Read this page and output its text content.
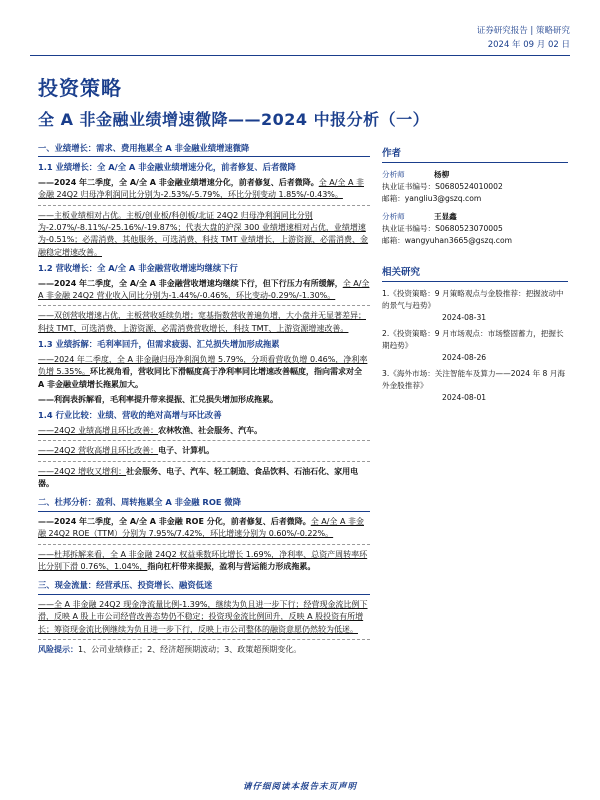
证券研究报告 | 策略研究
2024 年 09 月 02 日
投资策略
全 A 非金融业绩增速微降——2024 中报分析（一）
一、业绩增长：需求、费用拖累全 A 非金融业绩增速微降
1.1 业绩增长：全 A/全 A 非金融业绩增速分化，前者修复、后者微降

——2024 年二季度，全 A/全 A 非金融业绩增速分化，前者修复、后者微降。全 A/全 A 非金融 24Q2 归母净利润同比分别为-2.53%/-5.79%，环比分别变动 1.85%/-0.43%。

——主板业绩相对占优。主板/创业板/科创板/北证 24Q2 归母净利润同比分别为-2.07%/-8.11%/-25.16%/-19.87%；代表大盘的沪深 300 业绩增速相对占优，业绩增速为-0.51%；必需消费、其他服务、可选消费、科技 TMT 业绩增长，上游资源、必需消费、金融稳定增速改善。

1.2 营收增长：全 A/全 A 非金融营收增速均继续下行

——2024 年二季度，全 A/全 A 非金融营收增速均继续下行，但下行压力有所缓解，全 A/全 A 非金融 24Q2 营业收入同比分别为-1.44%/-0.46%，环比变动-0.29%/-1.30%。

——双创营收增速占优，主板营收延续负增；宽基指数营收普遍负增，大小盘并无显著差异；科技 TMT、可选消费、上游资源、必需消费营收增长，科技 TMT、上游资源增速改善。

1.3 业绩拆解：毛利率回升，但需求疲弱、汇兑损失增加形成拖累

——2024 年二季度，全 A 非金融归母净利润负增 5.79%，分项看营收负增 0.46%，净利率负增 5.35%。环比视角看，营收同比下滑幅度高于净利率同比增速改善幅度，指向需求对全 A 非金融业绩增长拖累加大。

——利润表拆解看，毛利率提升带来提振、汇兑损失增加形成拖累。

1.4 行业比较：业绩、营收的绝对高增与环比改善

——24Q2 业绩高增且环比改善：农林牧渔、社会服务、汽车。

——24Q2 营收高增且环比改善：电子、计算机。

——24Q2 增收又增利：社会服务、电子、汽车、轻工制造、食品饮料、石油石化、家用电器。

二、杜邦分析：盈利、周转拖累全 A 非金融 ROE 微降

——2024 年二季度，全 A/全 A 非金融 ROE 分化，前者修复、后者微降。全 A/全 A 非金融 24Q2 ROE（TTM）分别为 7.95%/7.42%，环比增速分别为 0.60%/-0.22%。

——杜邦拆解来看，全 A 非金融 24Q2 权益乘数环比增长 1.69%，净利率、总资产周转率环比分别下滑 0.76%、1.04%，指向杠杆带来提振，盈利与营运能力形成拖累。

三、现金流量：经营承压、投资增长、融资低迷

——全 A 非金融 24Q2 现金净流量比例-1.39%，继续为负且进一步下行；经营现金流比例下滑，反映 A 股上市公司经营改善态势仍不稳定；投资现金流比例回升，反映 A 股投资有所增长；筹资现金流比例继续为负且进一步下行，反映上市公司整体的融资意愿仍然较为低迷。

风险提示：1、公司业绩修正；2、经济超预期波动；3、政策超预期变化。

作者
分析师	杨柳
执业证书编号：S0680524010002
邮箱：yangliu3@gszq.com
分析师	王显鑫
执业证书编号：S0680523070005
邮箱：wangyuhan3665@gszq.com
相关研究
1.《投资策略：9 月策略观点与金股推荐：把握波动中的景气与趋势》
2024-08-31
2.《投资策略：9 月市场观点：市场整固蓄力，把握长期趋势》
2024-08-26
3.《海外市场：关注智能车及算力——2024 年 8 月海外金股推荐》
2024-08-01
请仔细阅读本报告末页声明
